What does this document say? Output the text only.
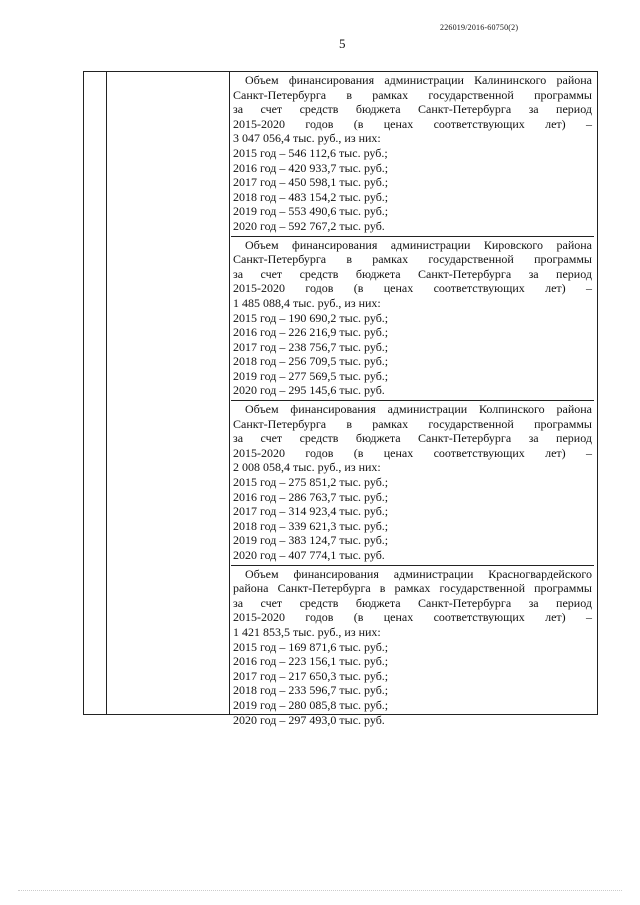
226019/2016-60750(2)
5
Объем финансирования администрации Калининского района
Санкт-Петербурга в рамках государственной программы
за счет средств бюджета Санкт-Петербурга за период
2015-2020 годов (в ценах соответствующих лет) –
3 047 056,4 тыс. руб., из них:
2015 год – 546 112,6 тыс. руб.;
2016 год – 420 933,7 тыс. руб.;
2017 год – 450 598,1 тыс. руб.;
2018 год – 483 154,2 тыс. руб.;
2019 год – 553 490,6 тыс. руб.;
2020 год – 592 767,2 тыс. руб.
Объем финансирования администрации Кировского района
Санкт-Петербурга в рамках государственной программы
за счет средств бюджета Санкт-Петербурга за период
2015-2020 годов (в ценах соответствующих лет) –
1 485 088,4 тыс. руб., из них:
2015 год – 190 690,2 тыс. руб.;
2016 год – 226 216,9 тыс. руб.;
2017 год – 238 756,7 тыс. руб.;
2018 год – 256 709,5 тыс. руб.;
2019 год – 277 569,5 тыс. руб.;
2020 год – 295 145,6 тыс. руб.
Объем финансирования администрации Колпинского района
Санкт-Петербурга в рамках государственной программы
за счет средств бюджета Санкт-Петербурга за период
2015-2020 годов (в ценах соответствующих лет) –
2 008 058,4 тыс. руб., из них:
2015 год – 275 851,2 тыс. руб.;
2016 год – 286 763,7 тыс. руб.;
2017 год – 314 923,4 тыс. руб.;
2018 год – 339 621,3 тыс. руб.;
2019 год – 383 124,7 тыс. руб.;
2020 год – 407 774,1 тыс. руб.
Объем финансирования администрации Красногвардейского
района Санкт-Петербурга в рамках государственной программы
за счет средств бюджета Санкт-Петербурга за период
2015-2020 годов (в ценах соответствующих лет) –
1 421 853,5 тыс. руб., из них:
2015 год – 169 871,6 тыс. руб.;
2016 год – 223 156,1 тыс. руб.;
2017 год – 217 650,3 тыс. руб.;
2018 год – 233 596,7 тыс. руб.;
2019 год – 280 085,8 тыс. руб.;
2020 год – 297 493,0 тыс. руб.
